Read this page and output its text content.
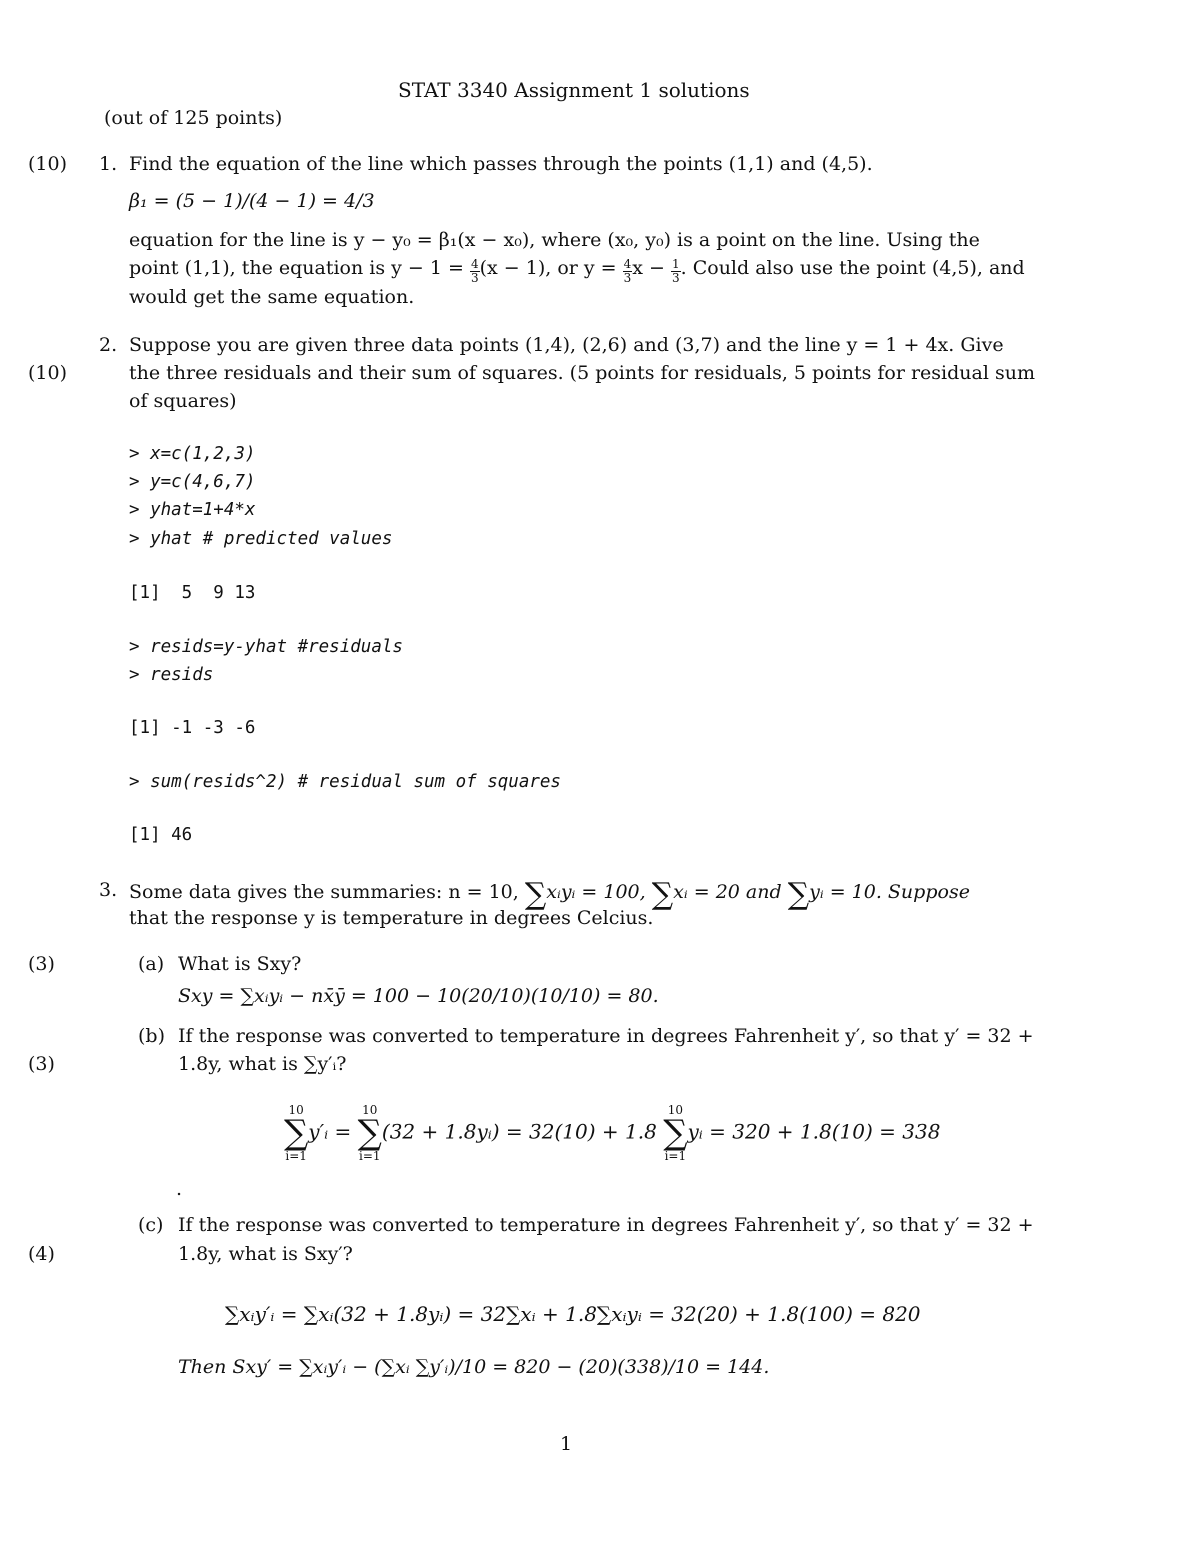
STAT 3340 Assignment 1 solutions
(out of 125 points)
(10) 1. Find the equation of the line which passes through the points (1,1) and (4,5).
β₁ = (5 − 1)/(4 − 1) = 4/3
equation for the line is y − y₀ = β₁(x − x₀), where (x₀, y₀) is a point on the line. Using the
point (1,1), the equation is $y - 1 = \frac{4}{3} (x - 1)$, or $y = \frac{4}{3}$ $x - \frac{1}{3}$ . Could also use the point (4,5), and
would get the same equation.
2. Suppose you are given three data points (1,4), (2,6) and (3,7) and the line y = 1 + 4x. Give
(10)	the three residuals and their sum of squares. (5 points for residuals, 5 points for residual sum
of squares)
> x=c(1,2,3)
> y=c(4,6,7)
> yhat=1+4*x
> yhat # predicted values
[1]  5  9 13
> resids=y-yhat #residuals
> resids
[1] -1 -3 -6
> sum(resids^2) # residual sum of squares
[1] 46
3. Some data gives the summaries: n = 10, ∑xᵢyᵢ = 100, ∑xᵢ = 20 and ∑yᵢ = 10. Suppose
that the response y is temperature in degrees Celcius.
(3)	(a) What is Sxy?
Sxy = ∑xᵢyᵢ − nx̄ȳ = 100 − 10(20/10)(10/10) = 80.
(b) If the response was converted to temperature in degrees Fahrenheit y′, so that y′ = 32 +
(3)	1.8y, what is ∑y′ᵢ?
10
∑
i=1
y′ᵢ =
10
∑
i=1
(32 + 1.8yᵢ) = 32(10) + 1.8
10
∑
i=1
yᵢ = 320 + 1.8(10) = 338
.
(c) If the response was converted to temperature in degrees Fahrenheit y′, so that y′ = 32 +
(4)	1.8y, what is Sxy′?
∑xᵢy′ᵢ = ∑xᵢ(32 + 1.8yᵢ) = 32∑xᵢ + 1.8∑xᵢyᵢ = 32(20) + 1.8(100) = 820
Then Sxy′ = ∑xᵢy′ᵢ − (∑xᵢ ∑y′ᵢ)/10 = 820 − (20)(338)/10 = 144.
1
